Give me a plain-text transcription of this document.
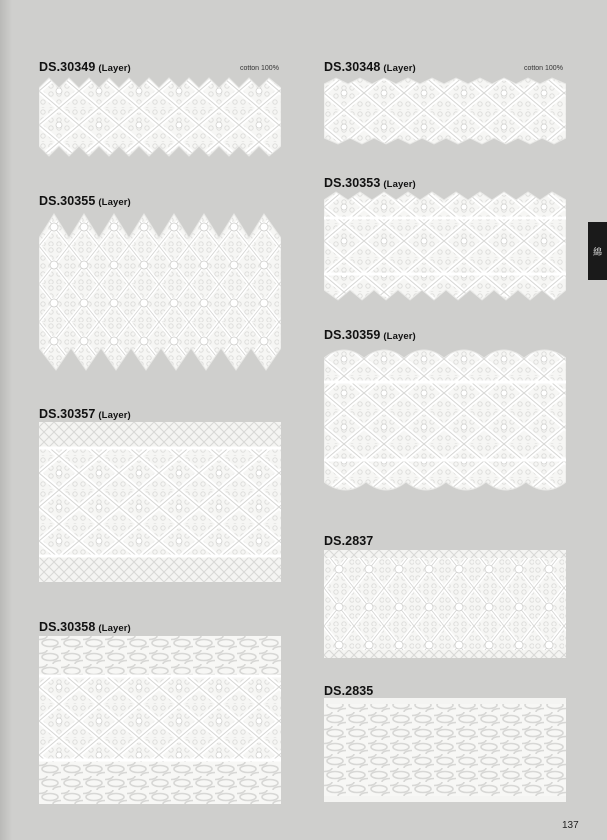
DS.30349 (Layer)	cotton 100%
DS.30355 (Layer)
DS.30357 (Layer)
DS.30358 (Layer)
DS.30348 (Layer)	cotton 100%
DS.30353 (Layer)
DS.30359 (Layer)
DS.2837
DS.2835
綿
137
